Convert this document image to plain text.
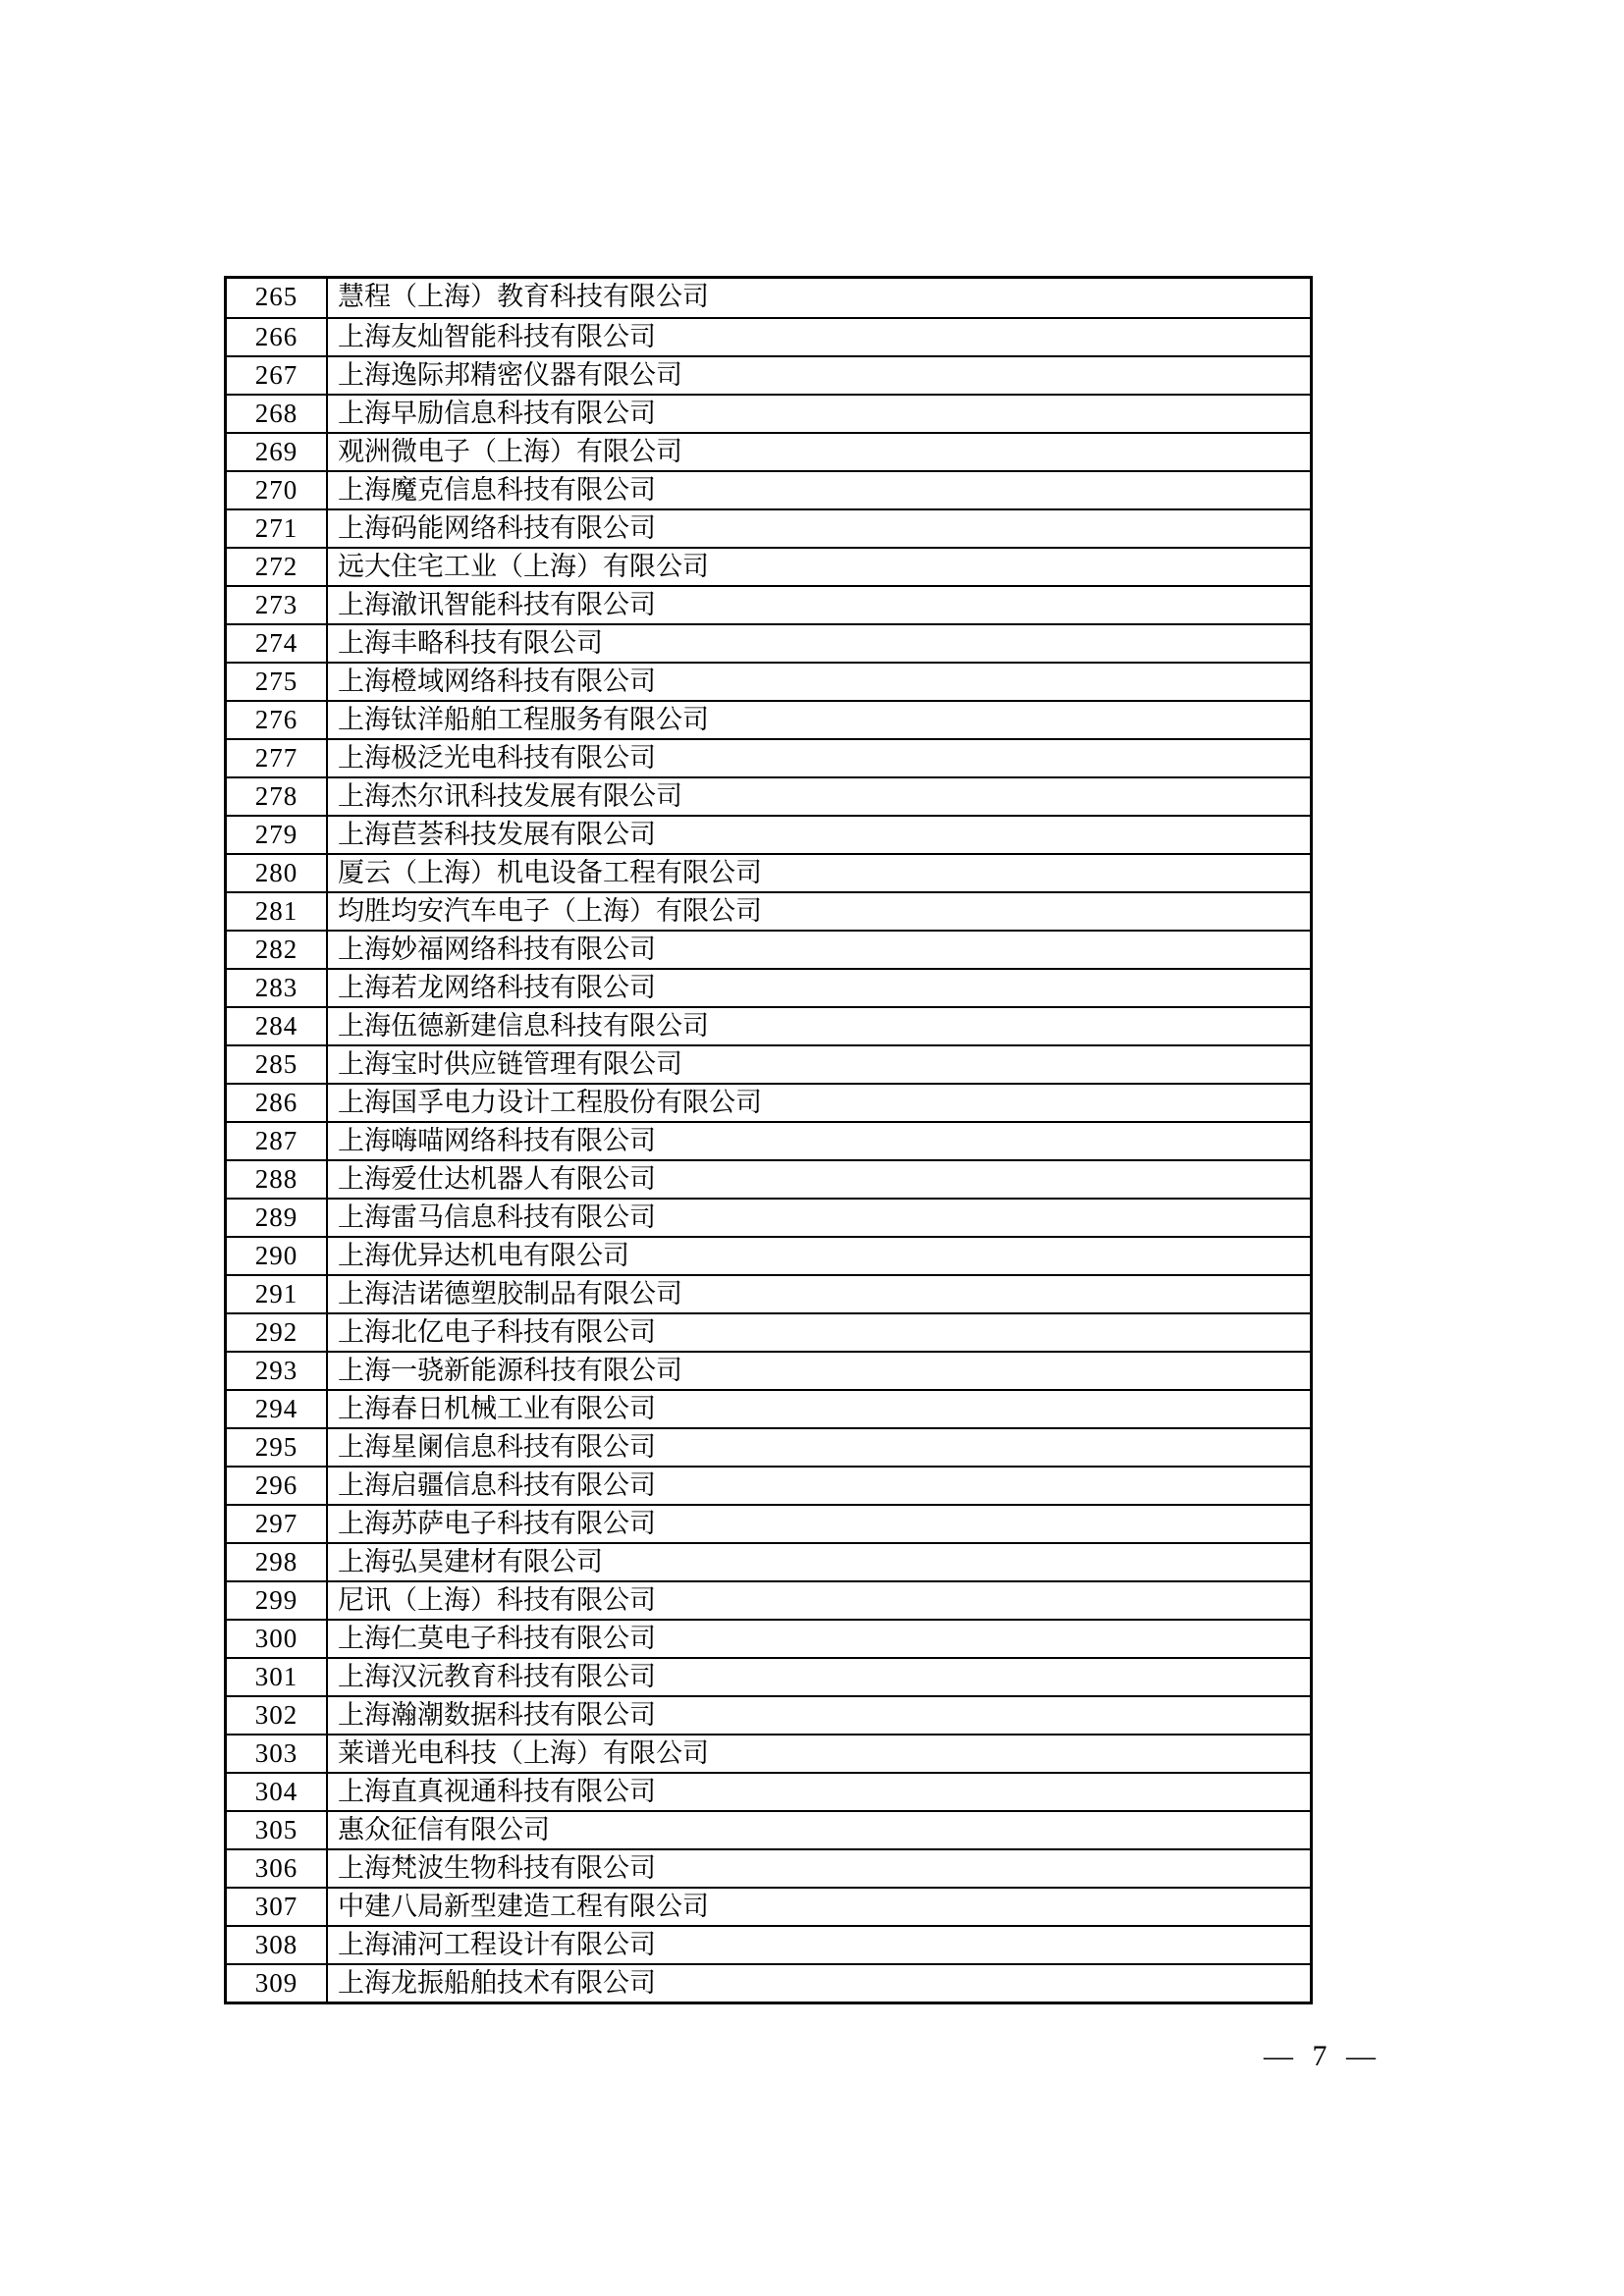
265	慧程（上海）教育科技有限公司
266	上海友灿智能科技有限公司
267	上海逸际邦精密仪器有限公司
268	上海早励信息科技有限公司
269	观洲微电子（上海）有限公司
270	上海魔克信息科技有限公司
271	上海码能网络科技有限公司
272	远大住宅工业（上海）有限公司
273	上海澈讯智能科技有限公司
274	上海丰略科技有限公司
275	上海橙域网络科技有限公司
276	上海钛洋船舶工程服务有限公司
277	上海极泛光电科技有限公司
278	上海杰尔讯科技发展有限公司
279	上海苣荟科技发展有限公司
280	厦云（上海）机电设备工程有限公司
281	均胜均安汽车电子（上海）有限公司
282	上海妙福网络科技有限公司
283	上海若龙网络科技有限公司
284	上海伍德新建信息科技有限公司
285	上海宝时供应链管理有限公司
286	上海国孚电力设计工程股份有限公司
287	上海嗨喵网络科技有限公司
288	上海爱仕达机器人有限公司
289	上海雷马信息科技有限公司
290	上海优异达机电有限公司
291	上海洁诺德塑胶制品有限公司
292	上海北亿电子科技有限公司
293	上海一骁新能源科技有限公司
294	上海春日机械工业有限公司
295	上海星阑信息科技有限公司
296	上海启疆信息科技有限公司
297	上海苏萨电子科技有限公司
298	上海弘昊建材有限公司
299	尼讯（上海）科技有限公司
300	上海仁莫电子科技有限公司
301	上海汉沅教育科技有限公司
302	上海瀚潮数据科技有限公司
303	莱谱光电科技（上海）有限公司
304	上海直真视通科技有限公司
305	惠众征信有限公司
306	上海梵波生物科技有限公司
307	中建八局新型建造工程有限公司
308	上海浦河工程设计有限公司
309	上海龙振船舶技术有限公司
— 7 —
